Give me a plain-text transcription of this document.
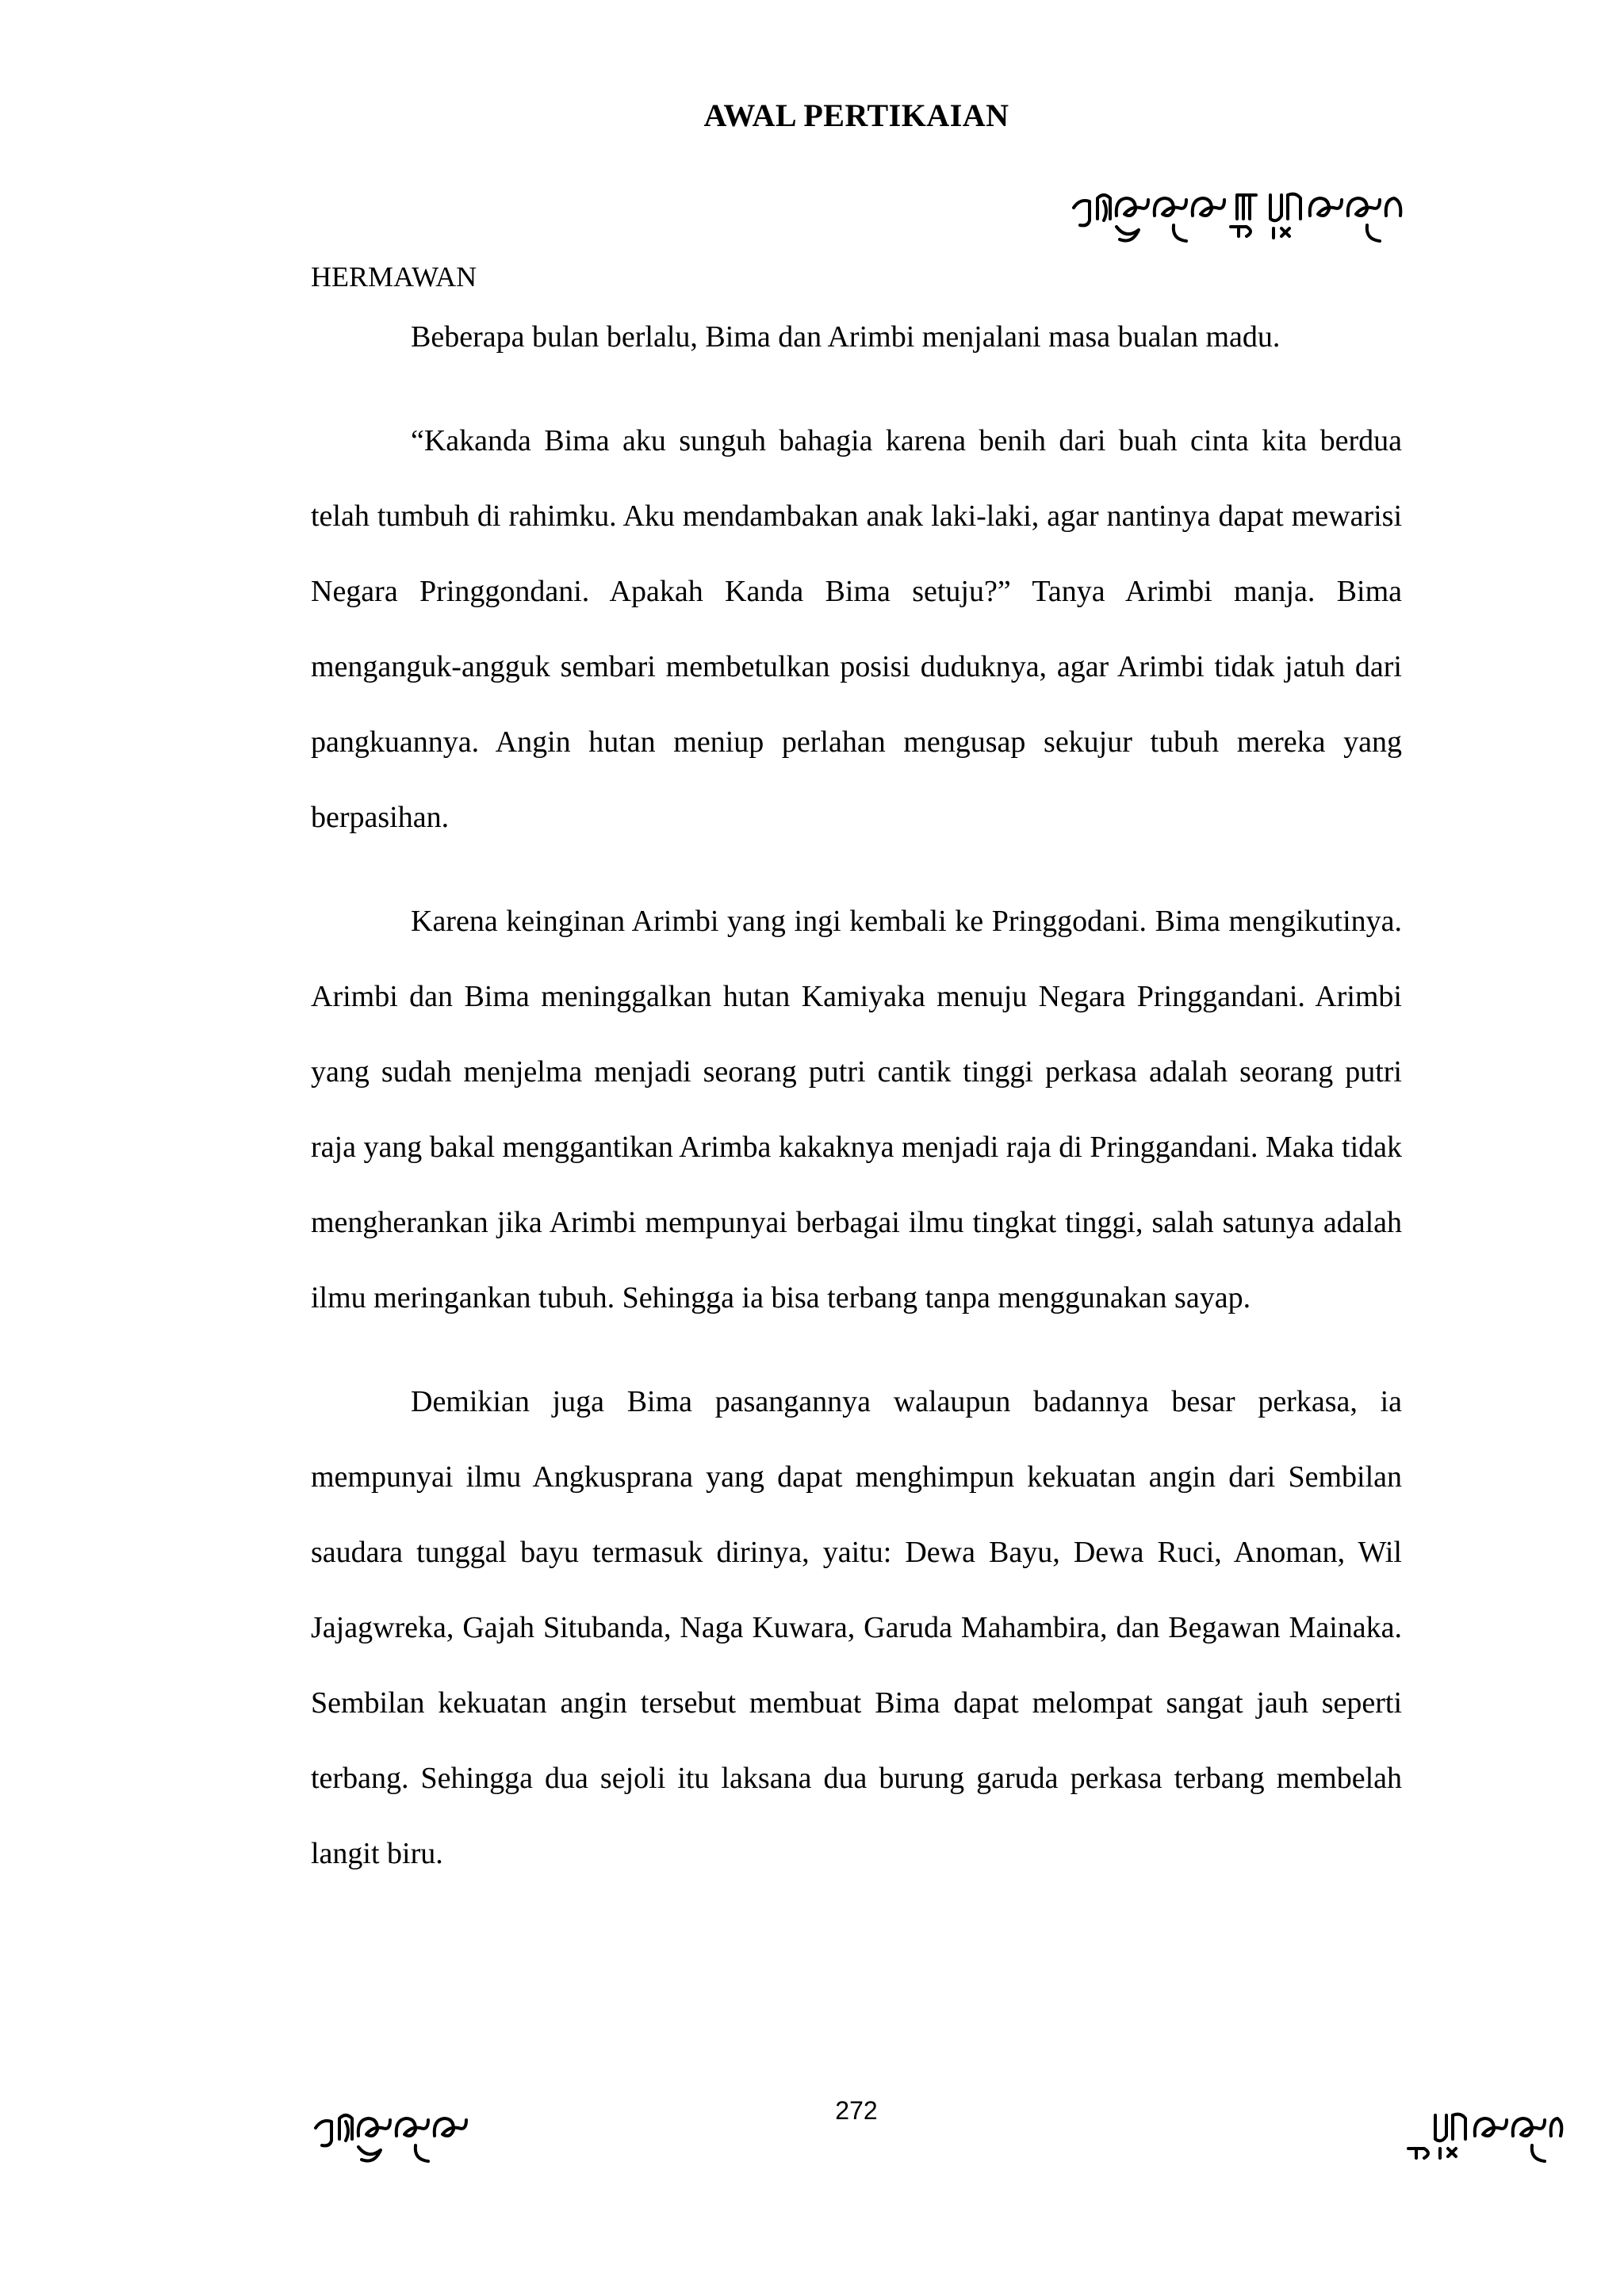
AWAL PERTIKAIAN
HERMAWAN

Beberapa bulan berlalu, Bima dan Arimbi menjalani masa bualan madu.

“Kakanda Bima aku sunguh bahagia karena benih dari buah cinta kita berdua telah tumbuh di rahimku. Aku mendambakan anak laki-laki, agar nantinya dapat mewarisi Negara Pringgondani. Apakah Kanda Bima setuju?” Tanya Arimbi manja. Bima menganguk-angguk sembari membetulkan posisi duduknya, agar Arimbi tidak jatuh dari pangkuannya. Angin hutan meniup perlahan mengusap sekujur tubuh mereka yang berpasihan.

Karena keinginan Arimbi yang ingi kembali ke Pringgodani. Bima mengikutinya. Arimbi dan Bima meninggalkan hutan Kamiyaka menuju Negara Pringgandani. Arimbi yang sudah menjelma menjadi seorang putri cantik tinggi perkasa adalah seorang putri raja yang bakal menggantikan Arimba kakaknya menjadi raja di Pringgandani. Maka tidak mengherankan jika Arimbi mempunyai berbagai ilmu tingkat tinggi, salah satunya adalah ilmu meringankan tubuh. Sehingga ia bisa terbang tanpa menggunakan sayap.

Demikian juga Bima pasangannya walaupun badannya besar perkasa, ia mempunyai ilmu Angkusprana yang dapat menghimpun kekuatan angin dari Sembilan saudara tunggal bayu termasuk dirinya, yaitu: Dewa Bayu, Dewa Ruci, Anoman, Wil Jajagwreka, Gajah Situbanda, Naga Kuwara, Garuda Mahambira, dan Begawan Mainaka. Sembilan kekuatan angin tersebut membuat Bima dapat melompat sangat jauh seperti terbang. Sehingga dua sejoli itu laksana dua burung garuda perkasa terbang membelah langit biru.

272
